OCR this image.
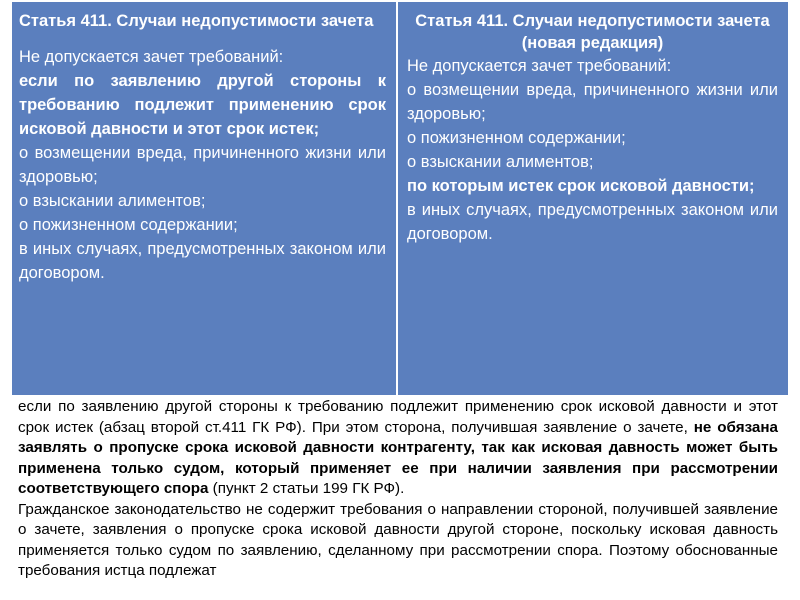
Статья 411. Случаи недопустимости зачета
Не допускается зачет требований:
если по заявлению другой стороны к требованию подлежит применению срок исковой давности и этот срок истек;
о возмещении вреда, причиненного жизни или здоровью;
о взыскании алиментов;
о пожизненном содержании;
в иных случаях, предусмотренных законом или договором.
Статья 411. Случаи недопустимости зачета
(новая редакция)
Не допускается зачет требований:
о возмещении вреда, причиненного жизни или здоровью;
о пожизненном содержании;
о взыскании алиментов;
по которым истек срок исковой давности;
в иных случаях, предусмотренных законом или договором.

если по заявлению другой стороны к требованию подлежит применению срок исковой давности и этот срок истек (абзац второй ст.411 ГК РФ). При этом сторона, получившая заявление о зачете, не обязана заявлять о пропуске срока исковой давности контрагенту, так как исковая давность может быть применена только судом, который применяет ее при наличии заявления при рассмотрении соответствующего спора (пункт 2 статьи 199 ГК РФ).

Гражданское законодательство не содержит требования о направлении стороной, получившей заявление о зачете, заявления о пропуске срока исковой давности другой стороне, поскольку исковая давность применяется только судом по заявлению, сделанному при рассмотрении спора. Поэтому обоснованные требования истца подлежат
